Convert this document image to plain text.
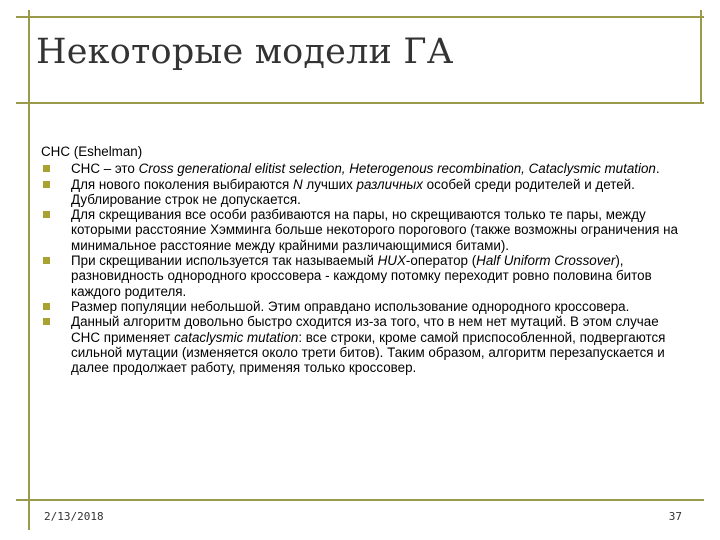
Некоторые модели ГА
CHC (Eshelman)
CHC – это Cross generational elitist selection, Heterogenous recombination, Cataclysmic mutation.
Для нового поколения выбираются N лучших различных особей среди родителей и детей. Дублирование строк не допускается.
Для скрещивания все особи разбиваются на пары, но скрещиваются только те пары, между которыми расстояние Хэмминга больше некоторого порогового (также возможны ограничения на минимальное расстояние между крайними различающимися битами).
При скрещивании используется так называемый HUX-оператор (Half Uniform Crossover), разновидность однородного кроссовера - каждому потомку переходит ровно половина битов каждого родителя.
Размер популяции небольшой. Этим оправдано использование однородного кроссовера.
Данный алгоритм довольно быстро сходится из-за того, что в нем нет мутаций. В этом случае CHC применяет cataclysmic mutation: все строки, кроме самой приспособленной, подвергаются сильной мутации (изменяется около трети битов). Таким образом, алгоритм перезапускается и далее продолжает работу, применяя только кроссовер.
2/13/2018	37
